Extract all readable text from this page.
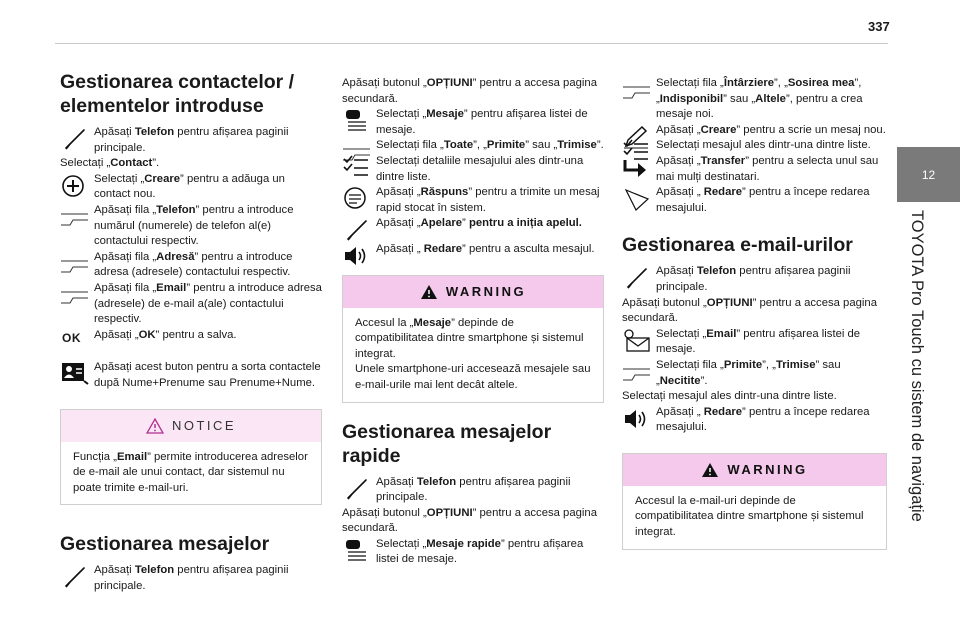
337
12
TOYOTA Pro Touch cu sistem de navigație
Gestionarea contactelor / elementelor introduse
Apăsați Telefon pentru afișarea paginii principale.
Selectați „Contact”.
Selectați „Creare” pentru a adăuga un contact nou.
Apăsați fila „Telefon” pentru a introduce numărul (numerele) de telefon al(e) contactului respectiv.
Apăsați fila „Adresă” pentru a introduce adresa (adresele) contactului respectiv.
Apăsați fila „Email” pentru a introduce adresa (adresele) de e-mail a(ale) contactului respectiv.
OK	Apăsați „OK” pentru a salva.
Apăsați acest buton pentru a sorta contactele după Nume+Prenume sau Prenume+Nume.
NOTICE
Funcția „Email” permite introducerea adreselor de e-mail ale unui contact, dar sistemul nu poate trimite e-mail-uri.
Gestionarea mesajelor
Apăsați Telefon pentru afișarea paginii principale.
Apăsați butonul „OPȚIUNI” pentru a accesa pagina secundară.
Selectați „Mesaje” pentru afișarea listei de mesaje.
Selectați fila „Toate”, „Primite” sau „Trimise”.
Selectați detaliile mesajului ales dintr-una dintre liste.
Apăsați „Răspuns” pentru a trimite un mesaj rapid stocat în sistem.
Apăsați „Apelare” pentru a iniția apelul.
Apăsați „ Redare” pentru a asculta mesajul.
WARNING
Accesul la „Mesaje” depinde de compatibilitatea dintre smartphone și sistemul integrat.
Unele smartphone-uri accesează mesajele sau e-mail-urile mai lent decât altele.
Gestionarea mesajelor rapide
Apăsați Telefon pentru afișarea paginii principale.
Apăsați butonul „OPȚIUNI” pentru a accesa pagina secundară.
Selectați „Mesaje rapide” pentru afișarea listei de mesaje.
Selectați fila „Întârziere”, „Sosirea mea”, „Indisponibil” sau „Altele”, pentru a crea mesaje noi.
Apăsați „Creare” pentru a scrie un mesaj nou.
Selectați mesajul ales dintr-una dintre liste.
Apăsați „Transfer” pentru a selecta unul sau mai mulți destinatari.
Apăsați „ Redare” pentru a începe redarea mesajului.
Gestionarea e-mail-urilor
Apăsați Telefon pentru afișarea paginii principale.
Apăsați butonul „OPȚIUNI” pentru a accesa pagina secundară.
Selectați „Email” pentru afișarea listei de mesaje.
Selectați fila „Primite”, „Trimise” sau „Necitite”.
Selectați mesajul ales dintr-una dintre liste.
Apăsați „ Redare” pentru a începe redarea mesajului.
WARNING
Accesul la e-mail-uri depinde de compatibilitatea dintre smartphone și sistemul integrat.
